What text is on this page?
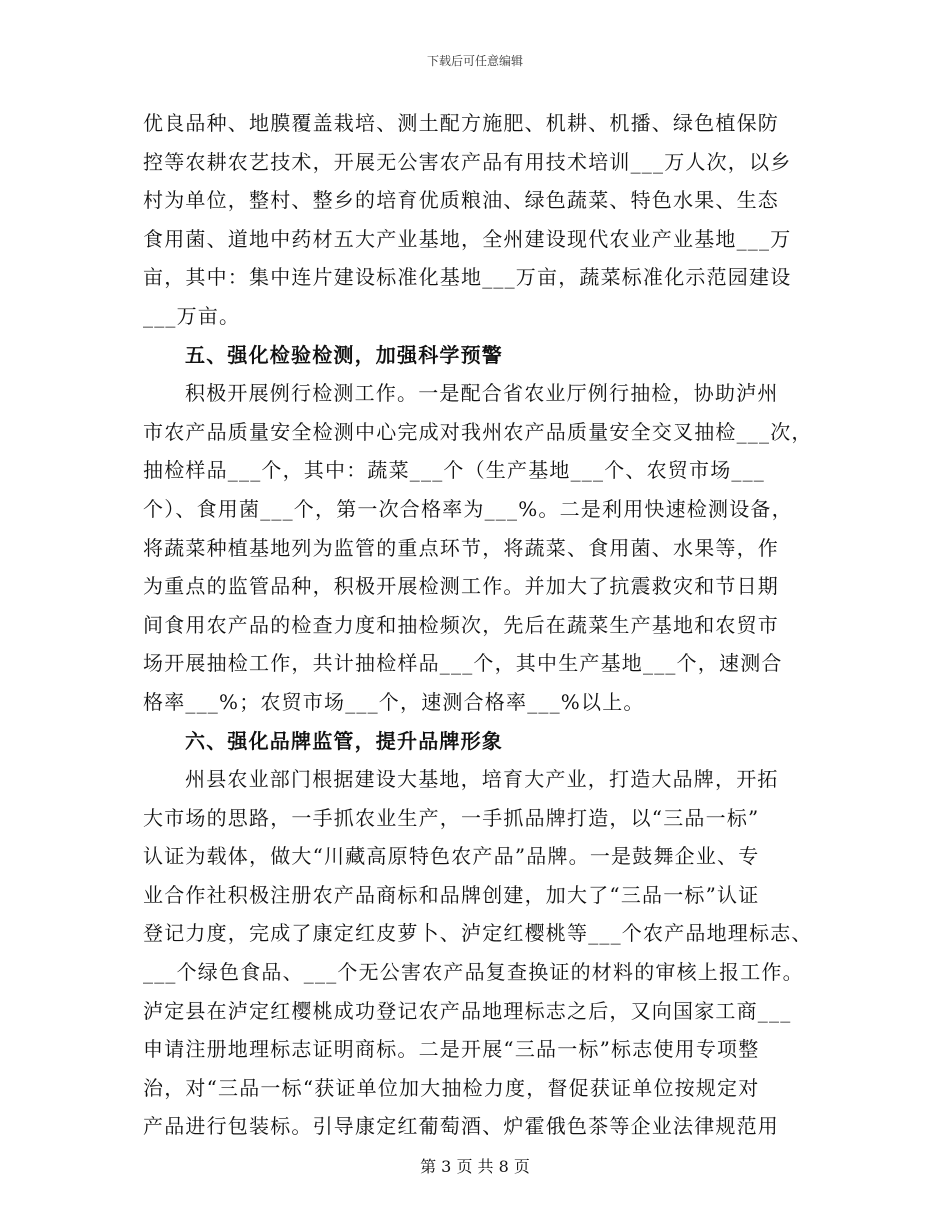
下载后可任意编辑
优良品种、地膜覆盖栽培、测土配方施肥、机耕、机播、绿色植保防
控等农耕农艺技术，开展无公害农产品有用技术培训___万人次，以乡
村为单位，整村、整乡的培育优质粮油、绿色蔬菜、特色水果、生态
食用菌、道地中药材五大产业基地，全州建设现代农业产业基地___万
亩，其中：集中连片建设标准化基地___万亩，蔬菜标准化示范园建设
___万亩。
五、强化检验检测，加强科学预警
积极开展例行检测工作。一是配合省农业厅例行抽检，协助泸州
市农产品质量安全检测中心完成对我州农产品质量安全交叉抽检___次，
抽检样品___个，其中：蔬菜___个（生产基地___个、农贸市场___
个）、食用菌___个，第一次合格率为___%。二是利用快速检测设备，
将蔬菜种植基地列为监管的重点环节，将蔬菜、食用菌、水果等，作
为重点的监管品种，积极开展检测工作。并加大了抗震救灾和节日期
间食用农产品的检查力度和抽检频次，先后在蔬菜生产基地和农贸市
场开展抽检工作，共计抽检样品___个，其中生产基地___个，速测合
格率___%；农贸市场___个，速测合格率___%以上。
六、强化品牌监管，提升品牌形象
州县农业部门根据建设大基地，培育大产业，打造大品牌，开拓
大市场的思路，一手抓农业生产，一手抓品牌打造，以“三品一标”
认证为载体，做大“川藏高原特色农产品”品牌。一是鼓舞企业、专
业合作社积极注册农产品商标和品牌创建，加大了“三品一标”认证
登记力度，完成了康定红皮萝卜、泸定红樱桃等___个农产品地理标志、
___个绿色食品、___个无公害农产品复查换证的材料的审核上报工作。
泸定县在泸定红樱桃成功登记农产品地理标志之后，又向国家工商___
申请注册地理标志证明商标。二是开展“三品一标”标志使用专项整
治，对“三品一标“获证单位加大抽检力度，督促获证单位按规定对
产品进行包装标。引导康定红葡萄酒、炉霍俄色茶等企业法律规范用
第 3 页 共 8 页
